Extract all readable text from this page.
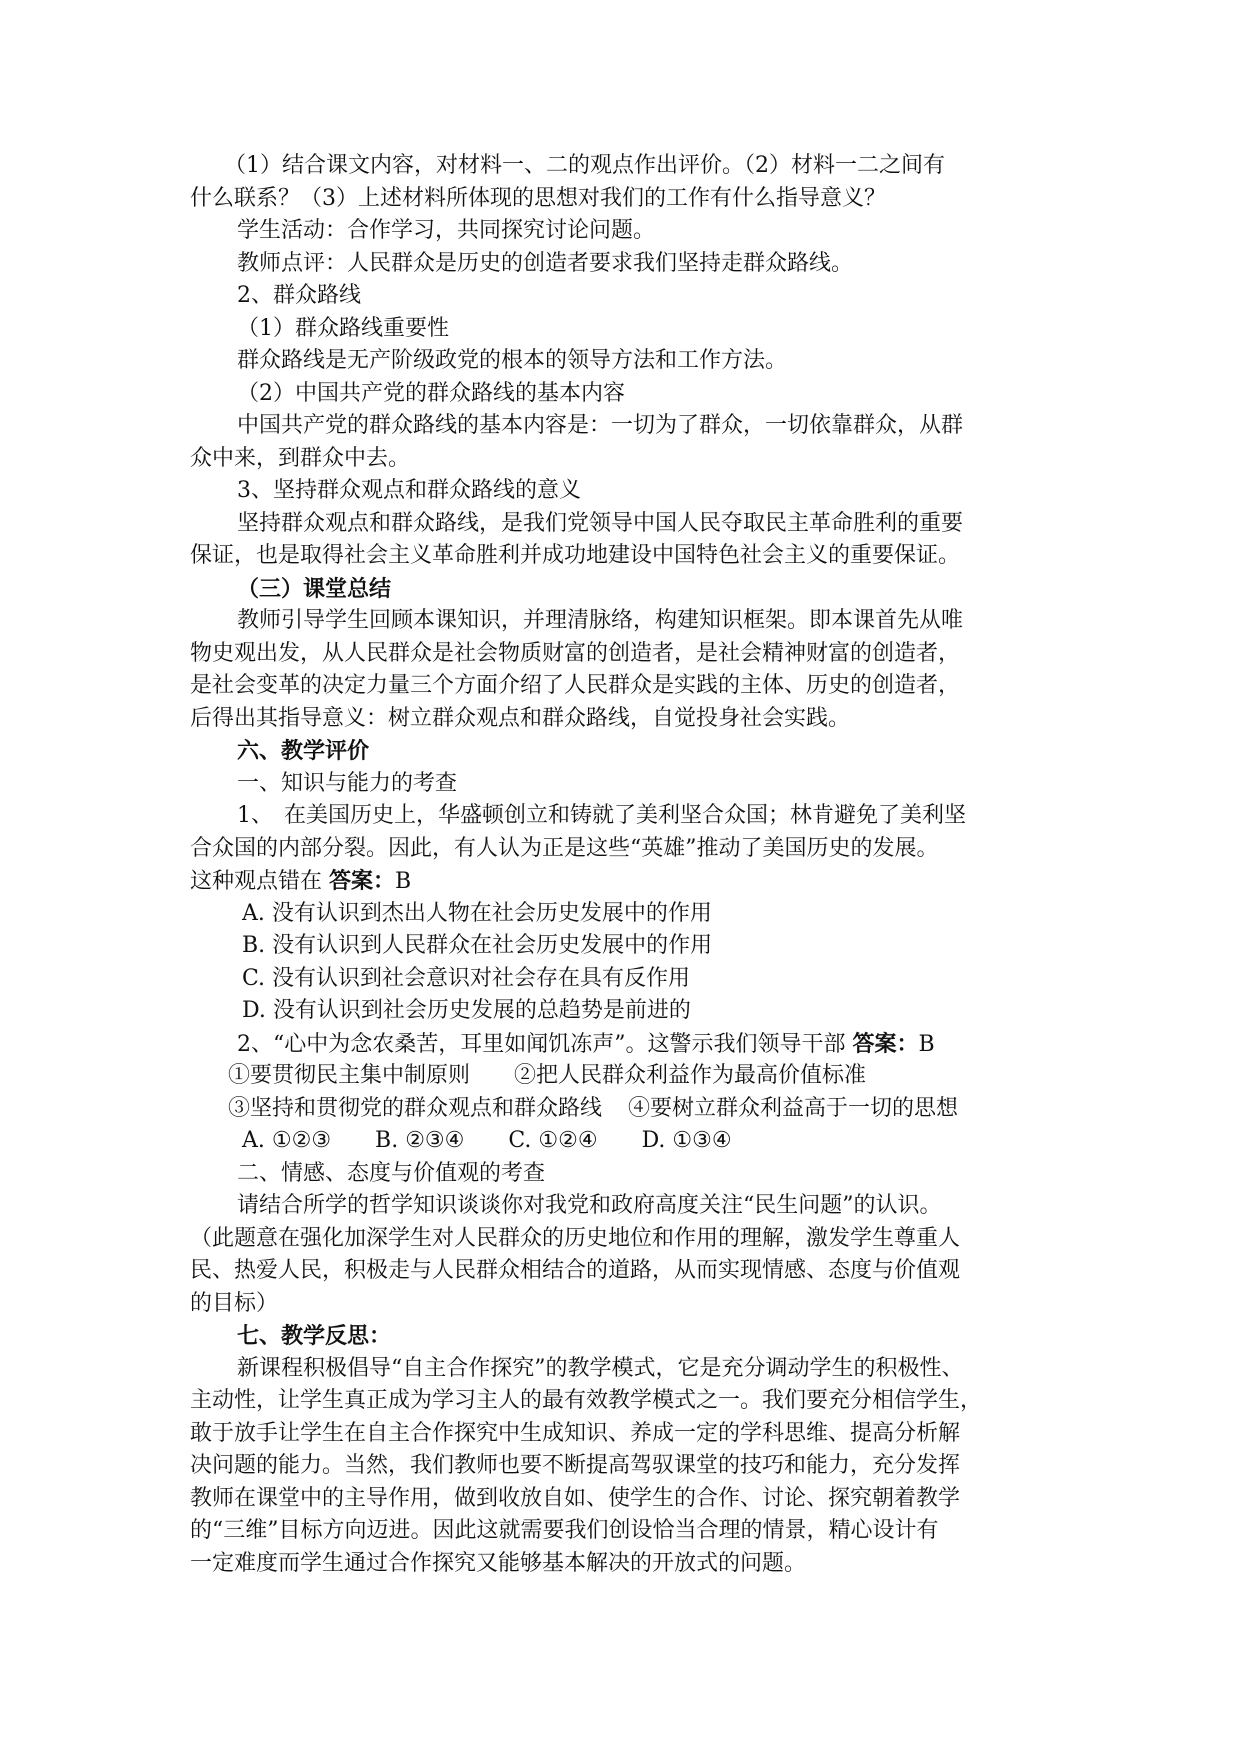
（1）结合课文内容，对材料一、二的观点作出评价。（2）材料一二之间有
什么联系？（3）上述材料所体现的思想对我们的工作有什么指导意义？
学生活动：合作学习，共同探究讨论问题。
教师点评：人民群众是历史的创造者要求我们坚持走群众路线。
2、群众路线
（1）群众路线重要性
群众路线是无产阶级政党的根本的领导方法和工作方法。
（2）中国共产党的群众路线的基本内容
中国共产党的群众路线的基本内容是：一切为了群众，一切依靠群众，从群
众中来，到群众中去。
3、坚持群众观点和群众路线的意义
坚持群众观点和群众路线，是我们党领导中国人民夺取民主革命胜利的重要
保证，也是取得社会主义革命胜利并成功地建设中国特色社会主义的重要保证。
（三）课堂总结
教师引导学生回顾本课知识，并理清脉络，构建知识框架。即本课首先从唯
物史观出发，从人民群众是社会物质财富的创造者，是社会精神财富的创造者，
是社会变革的决定力量三个方面介绍了人民群众是实践的主体、历史的创造者，
后得出其指导意义：树立群众观点和群众路线，自觉投身社会实践。
六、教学评价
一、知识与能力的考查
1、　在美国历史上，华盛顿创立和铸就了美利坚合众国；林肯避免了美利坚
合众国的内部分裂。因此，有人认为正是这些“英雄”推动了美国历史的发展。
这种观点错在 答案：B
A. 没有认识到杰出人物在社会历史发展中的作用
B. 没有认识到人民群众在社会历史发展中的作用
C. 没有认识到社会意识对社会存在具有反作用
D. 没有认识到社会历史发展的总趋势是前进的
2、“心中为念农桑苦，耳里如闻饥冻声”。这警示我们领导干部 答案：B
①要贯彻民主集中制原则 ②把人民群众利益作为最高价值标准
③坚持和贯彻党的群众观点和群众路线 ④要树立群众利益高于一切的思想
A. ①②③ B. ②③④ C. ①②④ D. ①③④
二、情感、态度与价值观的考查
请结合所学的哲学知识谈谈你对我党和政府高度关注“民生问题”的认识。
（此题意在强化加深学生对人民群众的历史地位和作用的理解，激发学生尊重人
民、热爱人民，积极走与人民群众相结合的道路，从而实现情感、态度与价值观
的目标）
七、教学反思：
新课程积极倡导“自主合作探究”的教学模式，它是充分调动学生的积极性、
主动性，让学生真正成为学习主人的最有效教学模式之一。我们要充分相信学生，
敢于放手让学生在自主合作探究中生成知识、养成一定的学科思维、提高分析解
决问题的能力。当然，我们教师也要不断提高驾驭课堂的技巧和能力，充分发挥
教师在课堂中的主导作用，做到收放自如、使学生的合作、讨论、探究朝着教学
的“三维”目标方向迈进。因此这就需要我们创设恰当合理的情景，精心设计有
一定难度而学生通过合作探究又能够基本解决的开放式的问题。
